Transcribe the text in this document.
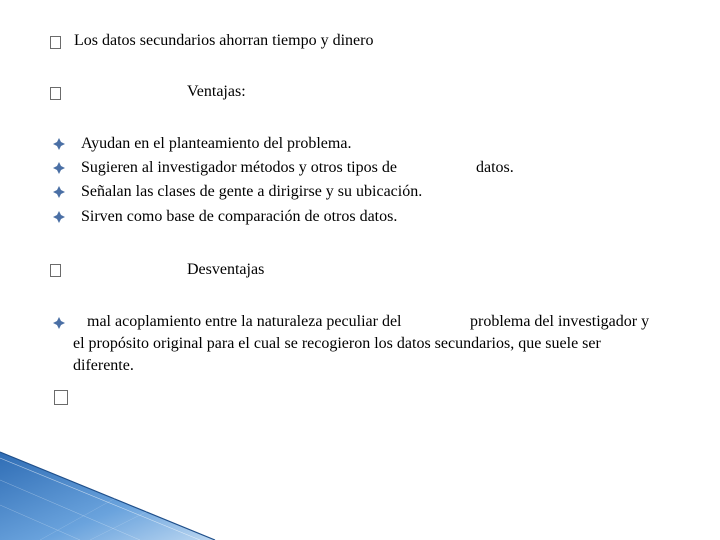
Los datos secundarios ahorran tiempo y dinero
Ventajas:
Ayudan en el planteamiento del problema.
Sugieren al investigador métodos y otros tipos de	datos.
Señalan las clases de gente a dirigirse y su ubicación.
Sirven como base de comparación de otros datos.
Desventajas
mal acoplamiento entre la naturaleza peculiar del	problema del investigador y
el propósito original para el cual se recogieron los datos secundarios, que suele ser
diferente.
